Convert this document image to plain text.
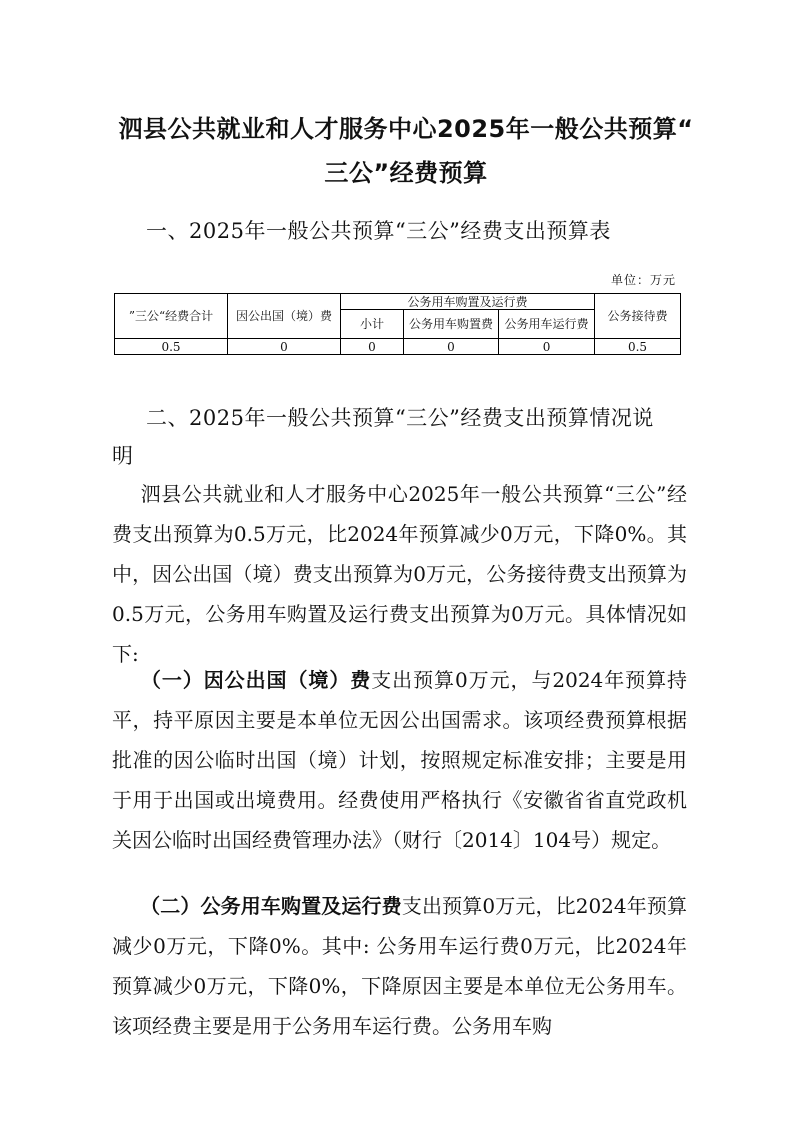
泗县公共就业和人才服务中心2025年一般公共预算“
三公”经费预算
一、2025年一般公共预算“三公”经费支出预算表
单位：万元
”三公“经费合计	因公出国（境）费	公务用车购置及运行费			公务接待费
		小计	公务用车购置费	公务用车运行费	
0.5	0	0	0	0	0.5
二、2025年一般公共预算“三公”经费支出预算情况说
明

泗县公共就业和人才服务中心2025年一般公共预算“三公”经费支出预算为0.5万元，比2024年预算减少0万元，下降0%。其中，因公出国（境）费支出预算为0万元，公务接待费支出预算为0.5万元，公务用车购置及运行费支出预算为0万元。具体情况如下:

（一）因公出国（境）费支出预算0万元，与2024年预算持平，持平原因主要是本单位无因公出国需求。该项经费预算根据批准的因公临时出国（境）计划，按照规定标准安排；主要是用于用于出国或出境费用。经费使用严格执行《安徽省省直党政机关因公临时出国经费管理办法》（财行〔2014〕104号）规定。

（二）公务用车购置及运行费支出预算0万元，比2024年预算减少0万元，下降0%。其中: 公务用车运行费0万元，比2024年预算减少0万元，下降0%，下降原因主要是本单位无公务用车。该项经费主要是用于公务用车运行费。公务用车购
